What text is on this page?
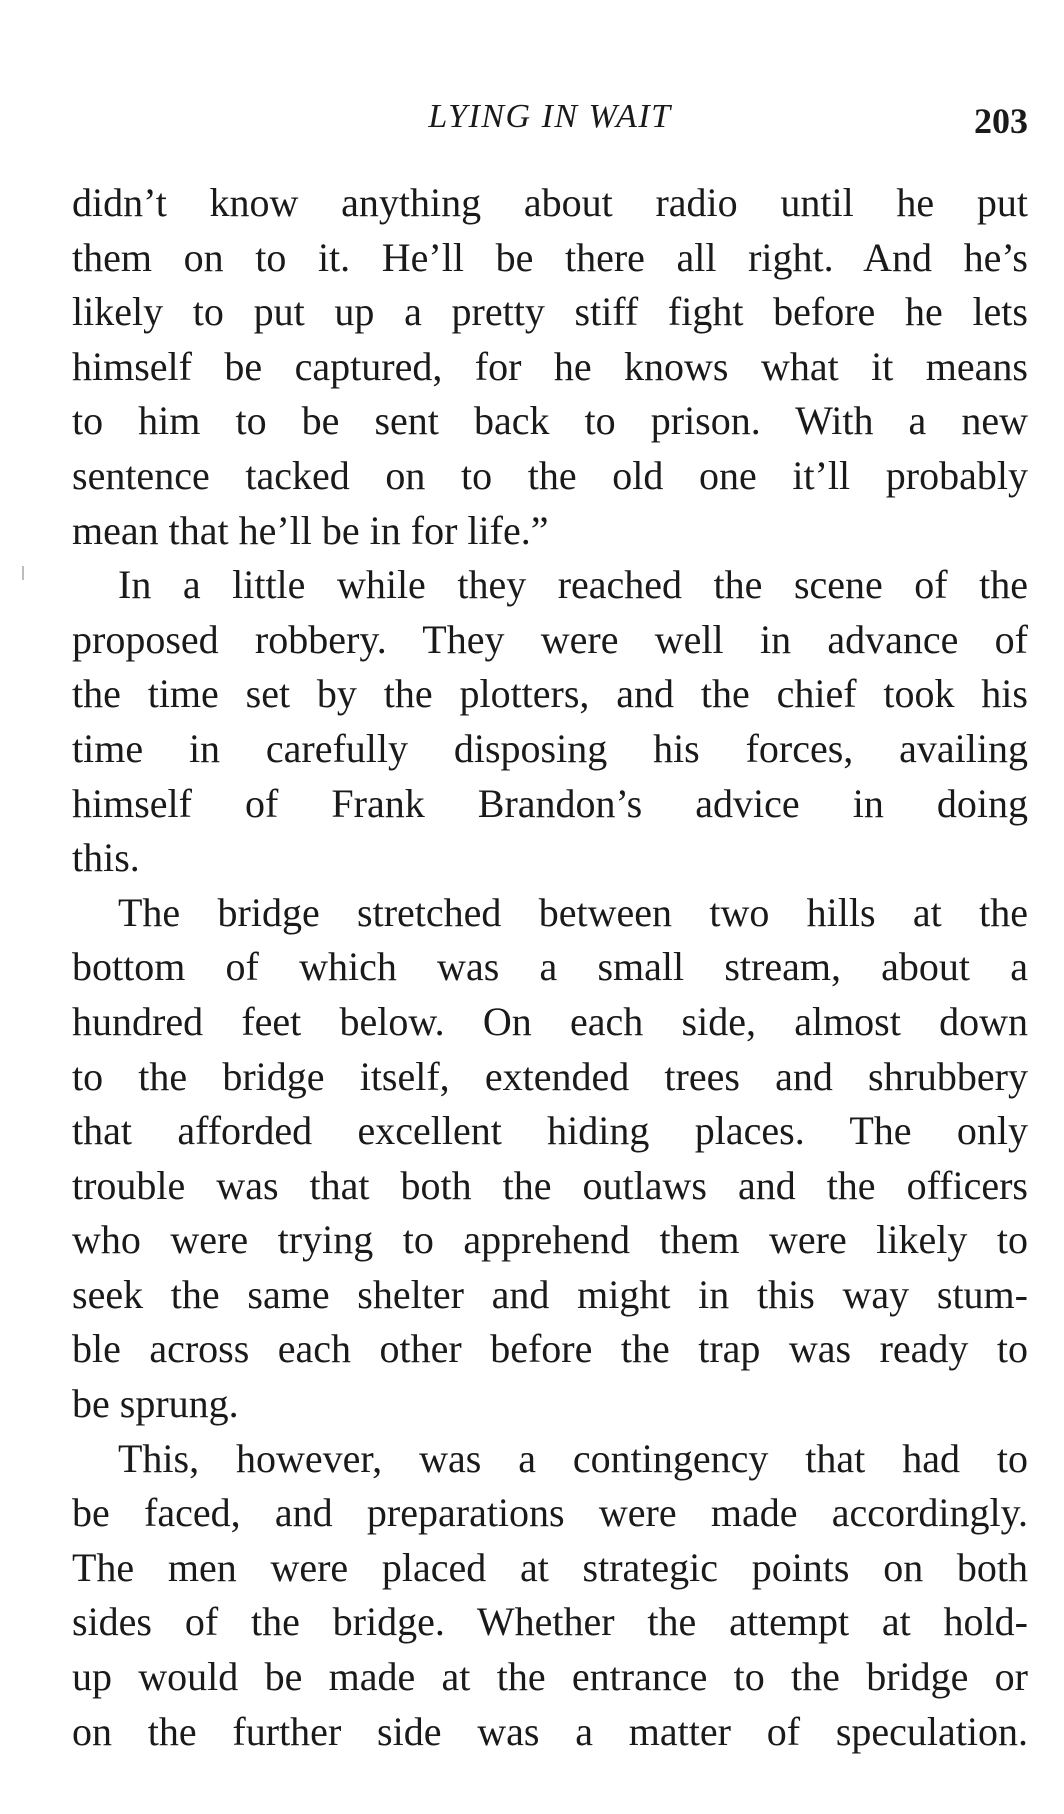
LYING IN WAIT	203

didn’t know anything about radio until he put
them on to it. He’ll be there all right. And he’s
likely to put up a pretty stiff fight before he lets
himself be captured, for he knows what it means
to him to be sent back to prison. With a new
sentence tacked on to the old one it’ll probably
mean that he’ll be in for life.”

In a little while they reached the scene of the
proposed robbery. They were well in advance of
the time set by the plotters, and the chief took his
time in carefully disposing his forces, availing
himself of Frank Brandon’s advice in doing
this.

The bridge stretched between two hills at the
bottom of which was a small stream, about a
hundred feet below. On each side, almost down
to the bridge itself, extended trees and shrubbery
that afforded excellent hiding places. The only
trouble was that both the outlaws and the officers
who were trying to apprehend them were likely to
seek the same shelter and might in this way stum-
ble across each other before the trap was ready to
be sprung.

This, however, was a contingency that had to
be faced, and preparations were made accordingly.
The men were placed at strategic points on both
sides of the bridge. Whether the attempt at hold-
up would be made at the entrance to the bridge or
on the further side was a matter of speculation.
